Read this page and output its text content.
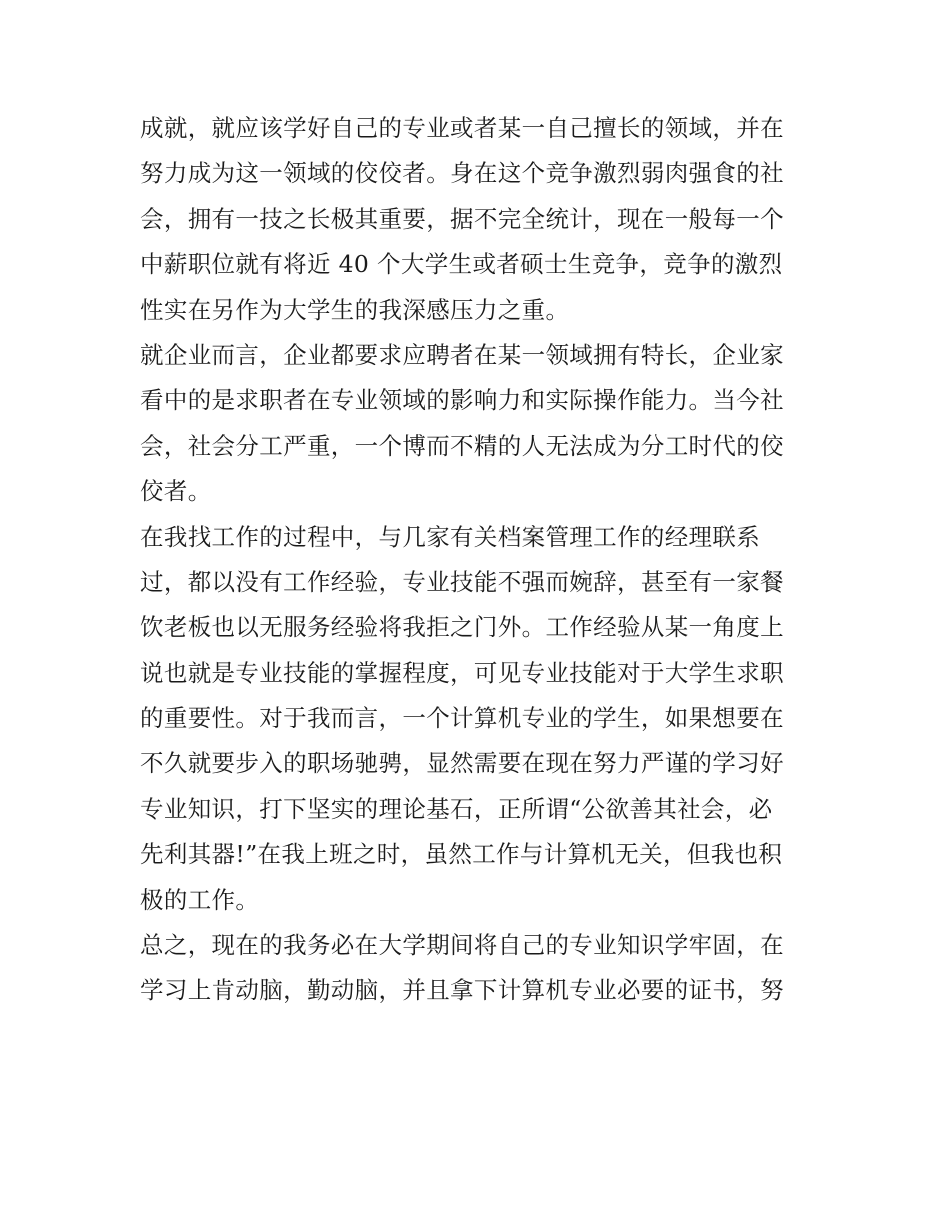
成就，就应该学好自己的专业或者某一自己擅长的领域，并在
努力成为这一领域的佼佼者。身在这个竞争激烈弱肉强食的社
会，拥有一技之长极其重要，据不完全统计，现在一般每一个
中薪职位就有将近 40 个大学生或者硕士生竞争，竞争的激烈
性实在另作为大学生的我深感压力之重。

就企业而言，企业都要求应聘者在某一领域拥有特长，企业家
看中的是求职者在专业领域的影响力和实际操作能力。当今社
会，社会分工严重，一个博而不精的人无法成为分工时代的佼
佼者。

在我找工作的过程中，与几家有关档案管理工作的经理联系
过，都以没有工作经验，专业技能不强而婉辞，甚至有一家餐
饮老板也以无服务经验将我拒之门外。工作经验从某一角度上
说也就是专业技能的掌握程度，可见专业技能对于大学生求职
的重要性。对于我而言，一个计算机专业的学生，如果想要在
不久就要步入的职场驰骋，显然需要在现在努力严谨的学习好
专业知识，打下坚实的理论基石，正所谓“公欲善其社会，必
先利其器!”在我上班之时，虽然工作与计算机无关，但我也积
极的工作。

总之，现在的我务必在大学期间将自己的专业知识学牢固，在
学习上肯动脑，勤动脑，并且拿下计算机专业必要的证书，努
